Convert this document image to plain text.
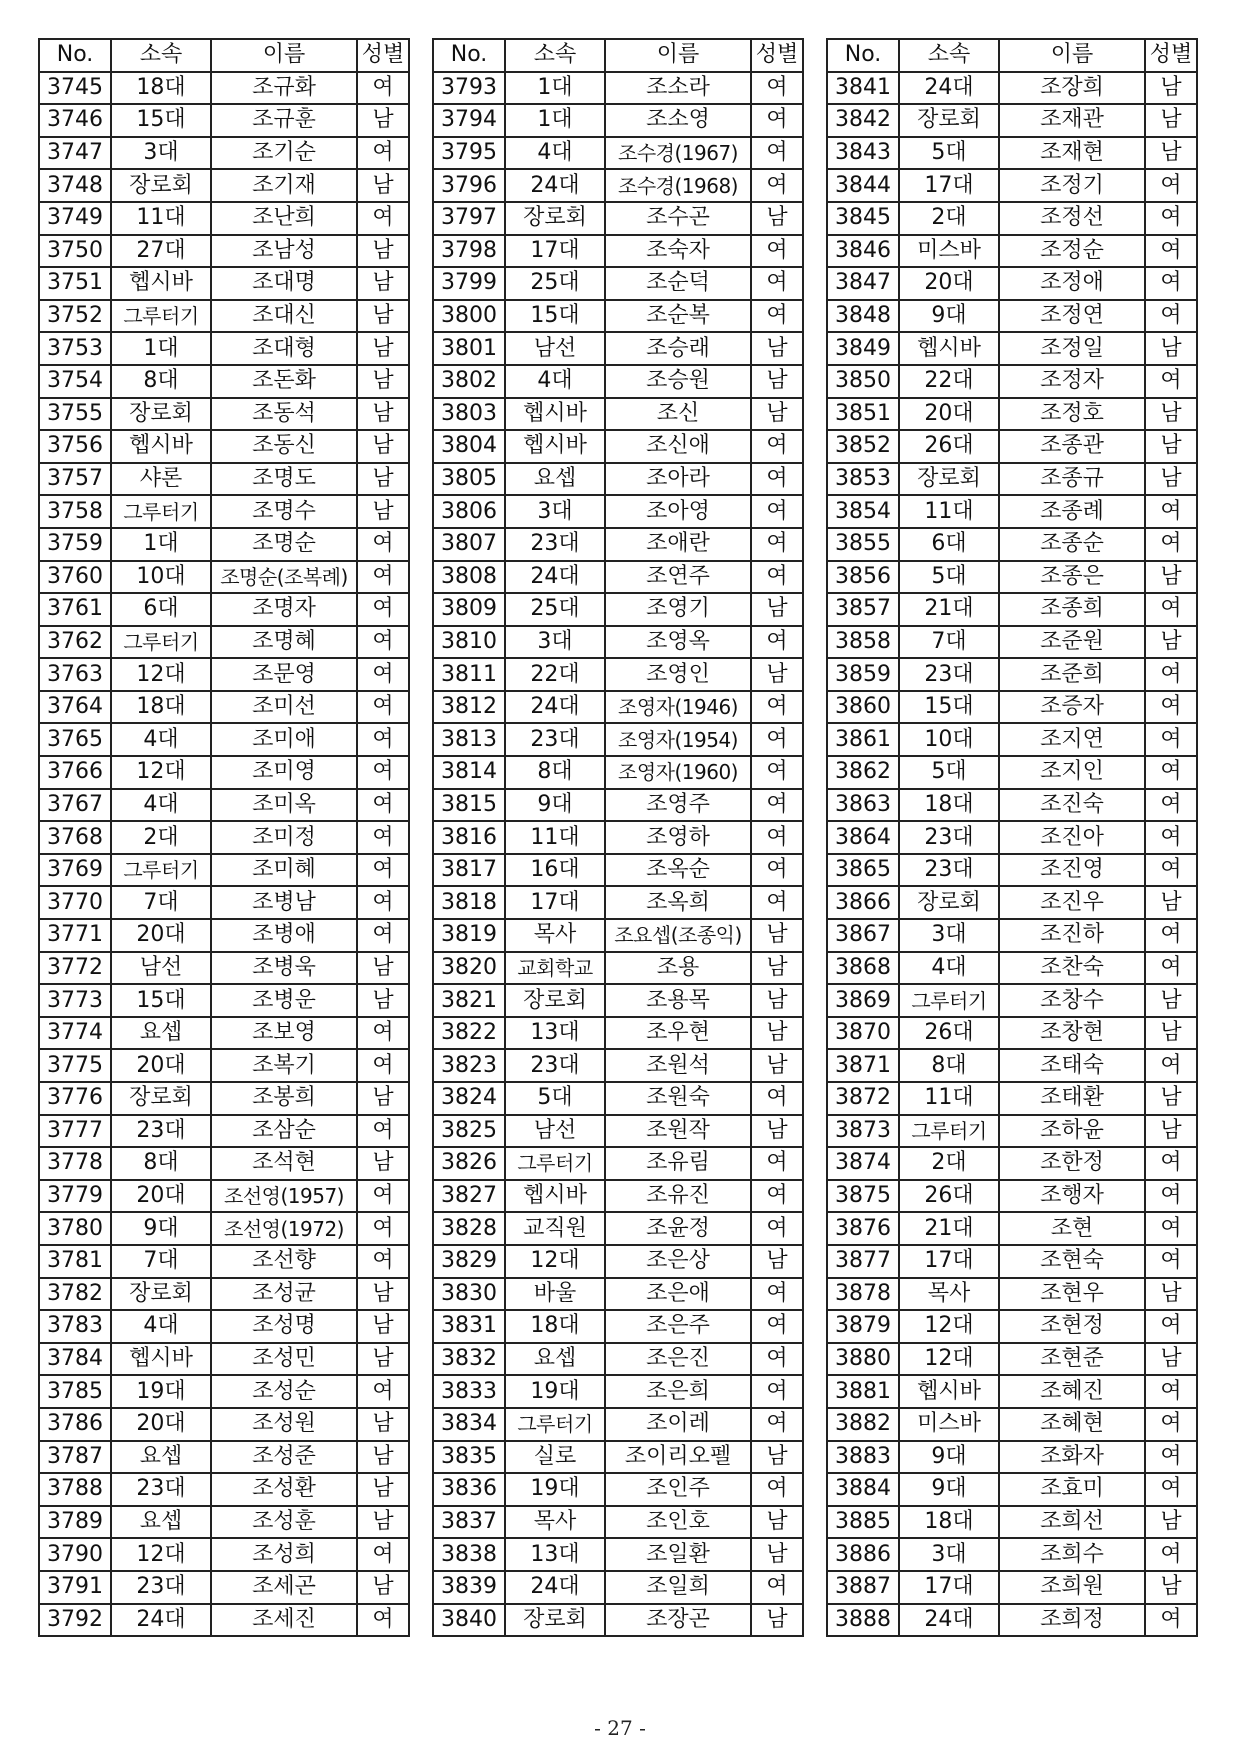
No.	소속	이름	성별
3745	18대	조규화	여
3746	15대	조규훈	남
3747	3대	조기순	여
3748	장로회	조기재	남
3749	11대	조난희	여
3750	27대	조남성	남
3751	헵시바	조대명	남
3752	그루터기	조대신	남
3753	1대	조대형	남
3754	8대	조돈화	남
3755	장로회	조동석	남
3756	헵시바	조동신	남
3757	샤론	조명도	남
3758	그루터기	조명수	남
3759	1대	조명순	여
3760	10대	조명순(조복례)	여
3761	6대	조명자	여
3762	그루터기	조명혜	여
3763	12대	조문영	여
3764	18대	조미선	여
3765	4대	조미애	여
3766	12대	조미영	여
3767	4대	조미옥	여
3768	2대	조미정	여
3769	그루터기	조미혜	여
3770	7대	조병남	여
3771	20대	조병애	여
3772	남선	조병욱	남
3773	15대	조병운	남
3774	요셉	조보영	여
3775	20대	조복기	여
3776	장로회	조봉희	남
3777	23대	조삼순	여
3778	8대	조석현	남
3779	20대	조선영(1957)	여
3780	9대	조선영(1972)	여
3781	7대	조선향	여
3782	장로회	조성균	남
3783	4대	조성명	남
3784	헵시바	조성민	남
3785	19대	조성순	여
3786	20대	조성원	남
3787	요셉	조성준	남
3788	23대	조성환	남
3789	요셉	조성훈	남
3790	12대	조성희	여
3791	23대	조세곤	남
3792	24대	조세진	여
No.	소속	이름	성별
3793	1대	조소라	여
3794	1대	조소영	여
3795	4대	조수경(1967)	여
3796	24대	조수경(1968)	여
3797	장로회	조수곤	남
3798	17대	조숙자	여
3799	25대	조순덕	여
3800	15대	조순복	여
3801	남선	조승래	남
3802	4대	조승원	남
3803	헵시바	조신	남
3804	헵시바	조신애	여
3805	요셉	조아라	여
3806	3대	조아영	여
3807	23대	조애란	여
3808	24대	조연주	여
3809	25대	조영기	남
3810	3대	조영옥	여
3811	22대	조영인	남
3812	24대	조영자(1946)	여
3813	23대	조영자(1954)	여
3814	8대	조영자(1960)	여
3815	9대	조영주	여
3816	11대	조영하	여
3817	16대	조옥순	여
3818	17대	조옥희	여
3819	목사	조요셉(조종익)	남
3820	교회학교	조용	남
3821	장로회	조용목	남
3822	13대	조우현	남
3823	23대	조원석	남
3824	5대	조원숙	여
3825	남선	조원작	남
3826	그루터기	조유림	여
3827	헵시바	조유진	여
3828	교직원	조윤정	여
3829	12대	조은상	남
3830	바울	조은애	여
3831	18대	조은주	여
3832	요셉	조은진	여
3833	19대	조은희	여
3834	그루터기	조이레	여
3835	실로	조이리오펠	남
3836	19대	조인주	여
3837	목사	조인호	남
3838	13대	조일환	남
3839	24대	조일희	여
3840	장로회	조장곤	남
No.	소속	이름	성별
3841	24대	조장희	남
3842	장로회	조재관	남
3843	5대	조재현	남
3844	17대	조정기	여
3845	2대	조정선	여
3846	미스바	조정순	여
3847	20대	조정애	여
3848	9대	조정연	여
3849	헵시바	조정일	남
3850	22대	조정자	여
3851	20대	조정호	남
3852	26대	조종관	남
3853	장로회	조종규	남
3854	11대	조종례	여
3855	6대	조종순	여
3856	5대	조종은	남
3857	21대	조종희	여
3858	7대	조준원	남
3859	23대	조준희	여
3860	15대	조증자	여
3861	10대	조지연	여
3862	5대	조지인	여
3863	18대	조진숙	여
3864	23대	조진아	여
3865	23대	조진영	여
3866	장로회	조진우	남
3867	3대	조진하	여
3868	4대	조찬숙	여
3869	그루터기	조창수	남
3870	26대	조창현	남
3871	8대	조태숙	여
3872	11대	조태환	남
3873	그루터기	조하윤	남
3874	2대	조한정	여
3875	26대	조행자	여
3876	21대	조현	여
3877	17대	조현숙	여
3878	목사	조현우	남
3879	12대	조현정	여
3880	12대	조현준	남
3881	헵시바	조혜진	여
3882	미스바	조혜현	여
3883	9대	조화자	여
3884	9대	조효미	여
3885	18대	조희선	남
3886	3대	조희수	여
3887	17대	조희원	남
3888	24대	조희정	여
- 27 -
